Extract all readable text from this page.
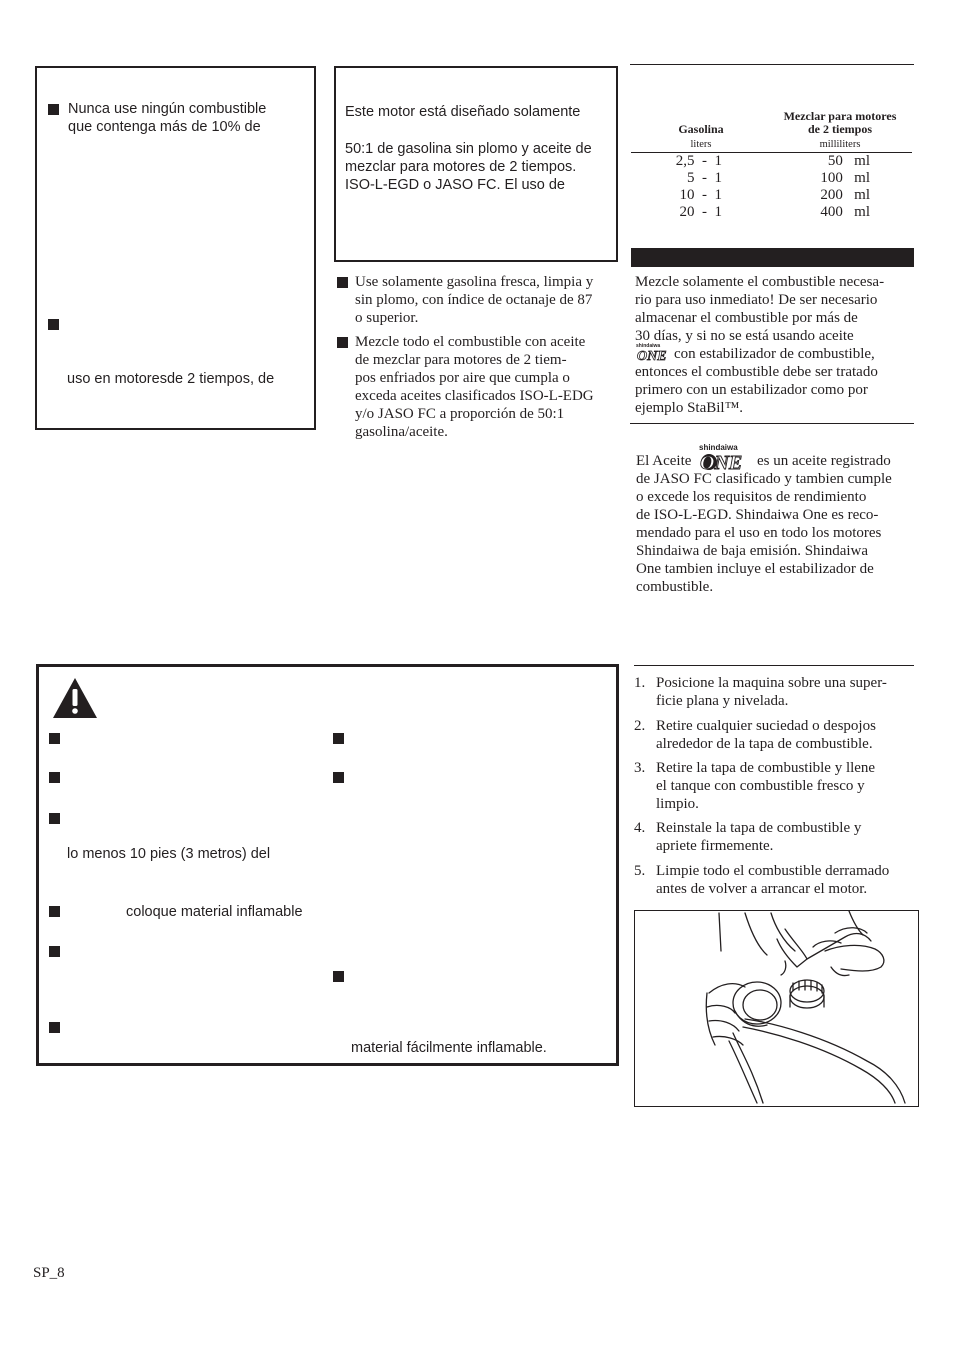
Nunca use ningún combustible
que contenga más de 10% de
uso en motoresde 2 tiempos, de
Este motor está diseñado solamente
50:1 de gasolina sin plomo y aceite de
mezclar para motores de 2 tiempos.
ISO-L-EGD o JASO FC. El uso de
Use solamente gasolina fresca, limpia y
sin plomo, con índice de octanaje de 87
o superior.
Mezcle todo el combustible con aceite
de mezclar para motores de 2 tiem-
pos enfriados por aire que cumpla o
exceda aceites clasificados ISO-L-EDG
y/o JASO FC a proporción de 50:1
gasolina/aceite.
Gasolina
liters
Mezclar para motores
de 2 tiempos
milliliters
2,5  -  1	50   ml
5  -  1	100   ml
10  -  1	200   ml
20  -  1	400   ml
Mezcle solamente el combustible necesa-
rio para uso inmediato! De ser necesario
almacenar el combustible por más de
30 días, y si no se está usando aceite
shindaiwa
ONE con estabilizador de combustible,
entonces el combustible debe ser tratado
primero con un estabilizador como por
ejemplo StaBil™.
El Aceite
shindaiwa
ONE es un aceite registrado
de JASO FC clasificado y tambien cumple
o excede los requisitos de rendimiento
de ISO-L-EGD. Shindaiwa One es reco-
mendado para el uso en todo los motores
Shindaiwa de baja emisión. Shindaiwa
One tambien incluye el estabilizador de
combustible.
lo menos 10 pies (3 metros) del
coloque material inflamable
material fácilmente inflamable.
1. Posicione la maquina sobre una super-
ficie plana y nivelada.
2. Retire cualquier suciedad o despojos
alrededor de la tapa de combustible.
3. Retire la tapa de combustible y llene
el tanque con combustible fresco y
limpio.
4. Reinstale la tapa de combustible y
apriete firmemente.
5. Limpie todo el combustible derramado
antes de volver a arrancar el motor.
SP_8
